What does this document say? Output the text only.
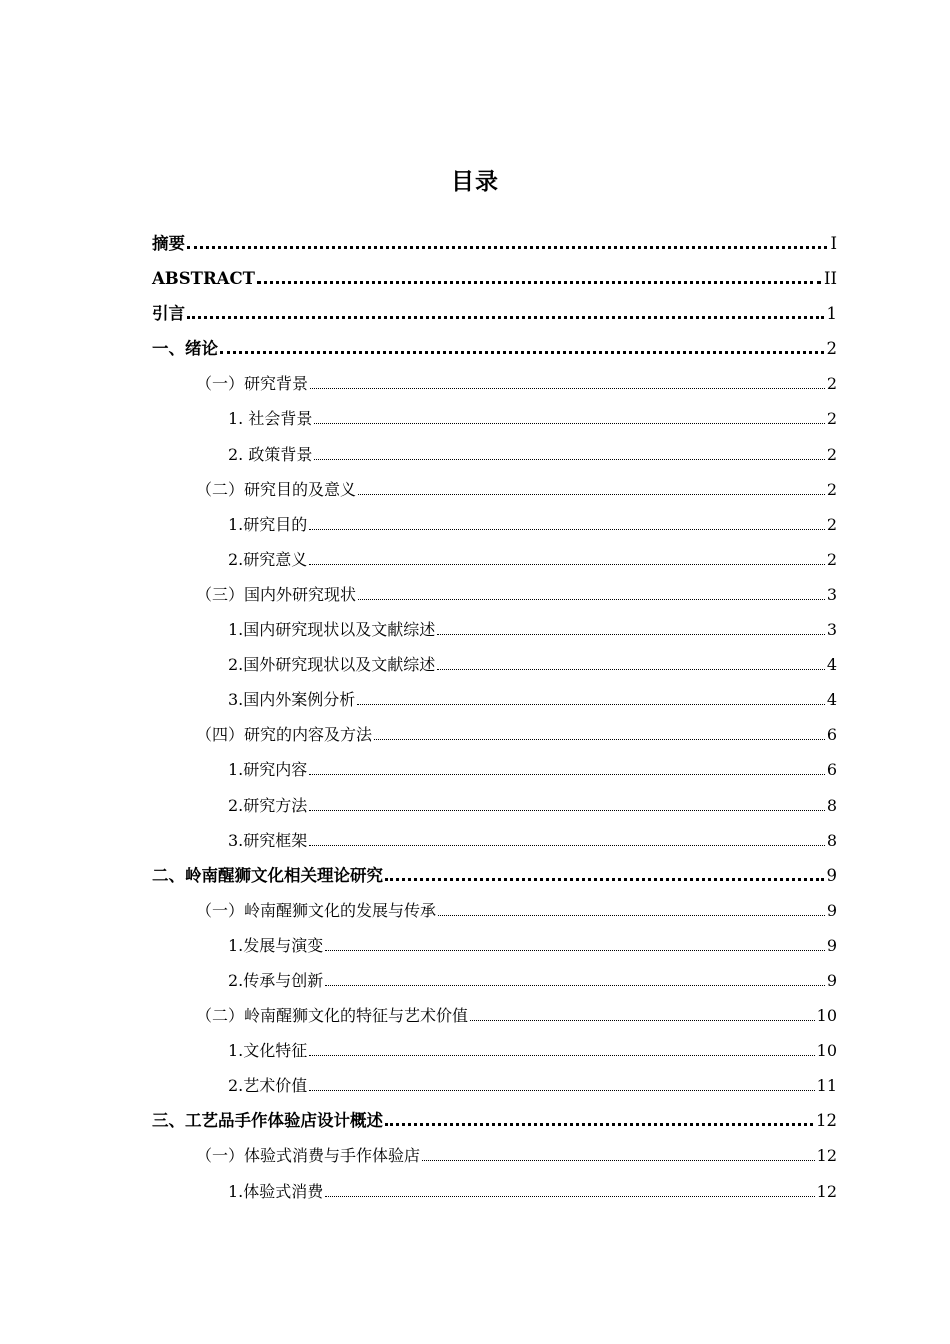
目录
摘要	I
ABSTRACT	II
引言	1
一、绪论	2
（一）研究背景	2
1. 社会背景	2
2. 政策背景	2
（二）研究目的及意义	2
1.研究目的	2
2.研究意义	2
（三）国内外研究现状	3
1.国内研究现状以及文献综述	3
2.国外研究现状以及文献综述	4
3.国内外案例分析	4
（四）研究的内容及方法	6
1.研究内容	6
2.研究方法	8
3.研究框架	8
二、岭南醒狮文化相关理论研究	9
（一）岭南醒狮文化的发展与传承	9
1.发展与演变	9
2.传承与创新	9
（二）岭南醒狮文化的特征与艺术价值	10
1.文化特征	10
2.艺术价值	11
三、工艺品手作体验店设计概述	12
（一）体验式消费与手作体验店	12
1.体验式消费	12
